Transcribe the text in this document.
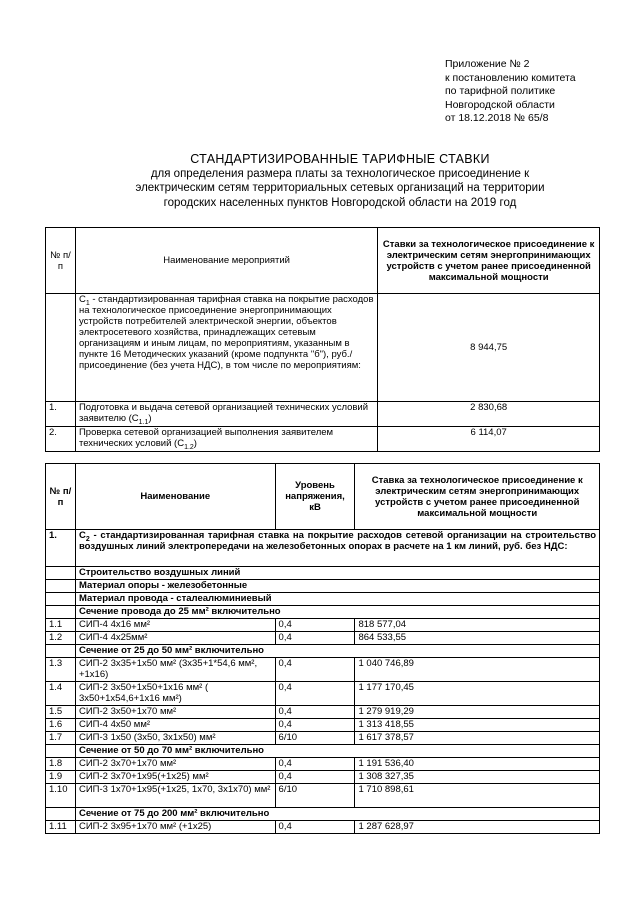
Приложение № 2
к постановлению комитета
по тарифной политике
Новгородской области
от 18.12.2018 № 65/8
СТАНДАРТИЗИРОВАННЫЕ ТАРИФНЫЕ СТАВКИ
для определения размера платы за технологическое присоединение к
электрическим сетям территориальных сетевых организаций на территории
городских населенных пунктов Новгородской области на 2019 год
№ п/п	Наименование мероприятий	Ставки за технологическое присоединение к электрическим сетям энергопринимающих устройств с учетом ранее присоединенной максимальной мощности
	$C_1$ - стандартизированная тарифная ставка на покрытие расходов на технологическое присоединение энергопринимающих устройств потребителей электрической энергии, объектов электросетевого хозяйства, принадлежащих сетевым организациям и иным лицам, по мероприятиям, указанным в пункте 16 Методических указаний (кроме подпункта "б"), руб./присоединение (без учета НДС), в том числе по мероприятиям:	8 944,75
1.	Подготовка и выдача сетевой организацией технических условий заявителю $(C_{1.1})$	2 830,68
2.	Проверка сетевой организацией выполнения заявителем технических условий $(C_{1.2})$	6 114,07
№ п/п	Наименование	Уровень напряжения, кВ	Ставка за технологическое присоединение к электрическим сетям энергопринимающих устройств с учетом ранее присоединенной максимальной мощности
1.	$C_2$ - стандартизированная тарифная ставка на покрытие расходов сетевой организации на строительство воздушных линий электропередачи на железобетонных опорах в расчете на 1 км линий, руб. без НДС:		
	Строительство воздушных линий		
	Материал опоры - железобетонные		
	Материал провода - сталеалюминиевый		
	Сечение провода до 25 мм² включительно		
1.1	СИП-4 4х16 мм²	0,4	818 577,04
1.2	СИП-4 4х25мм²	0,4	864 533,55
	Сечение от 25 до 50 мм² включительно		
1.3	СИП-2 3х35+1х50 мм² (3х35+1*54,6 мм², +1х16)	0,4	1 040 746,89
1.4	СИП-2 3х50+1х50+1х16 мм² ( 3х50+1х54,6+1х16 мм²)	0,4	1 177 170,45
1.5	СИП-2 3х50+1х70 мм²	0,4	1 279 919,29
1.6	СИП-4 4х50 мм²	0,4	1 313 418,55
1.7	СИП-3 1х50 (3х50, 3х1х50) мм²	6/10	1 617 378,57
	Сечение от 50 до 70 мм² включительно		
1.8	СИП-2 3х70+1х70 мм²	0,4	1 191 536,40
1.9	СИП-2 3х70+1х95(+1х25) мм²	0,4	1 308 327,35
1.10	СИП-3 1х70+1х95(+1х25, 1х70, 3х1х70) мм²	6/10	1 710 898,61
	Сечение от 75 до 200 мм² включительно		
1.11	СИП-2 3х95+1х70 мм² (+1х25)	0,4	1 287 628,97
